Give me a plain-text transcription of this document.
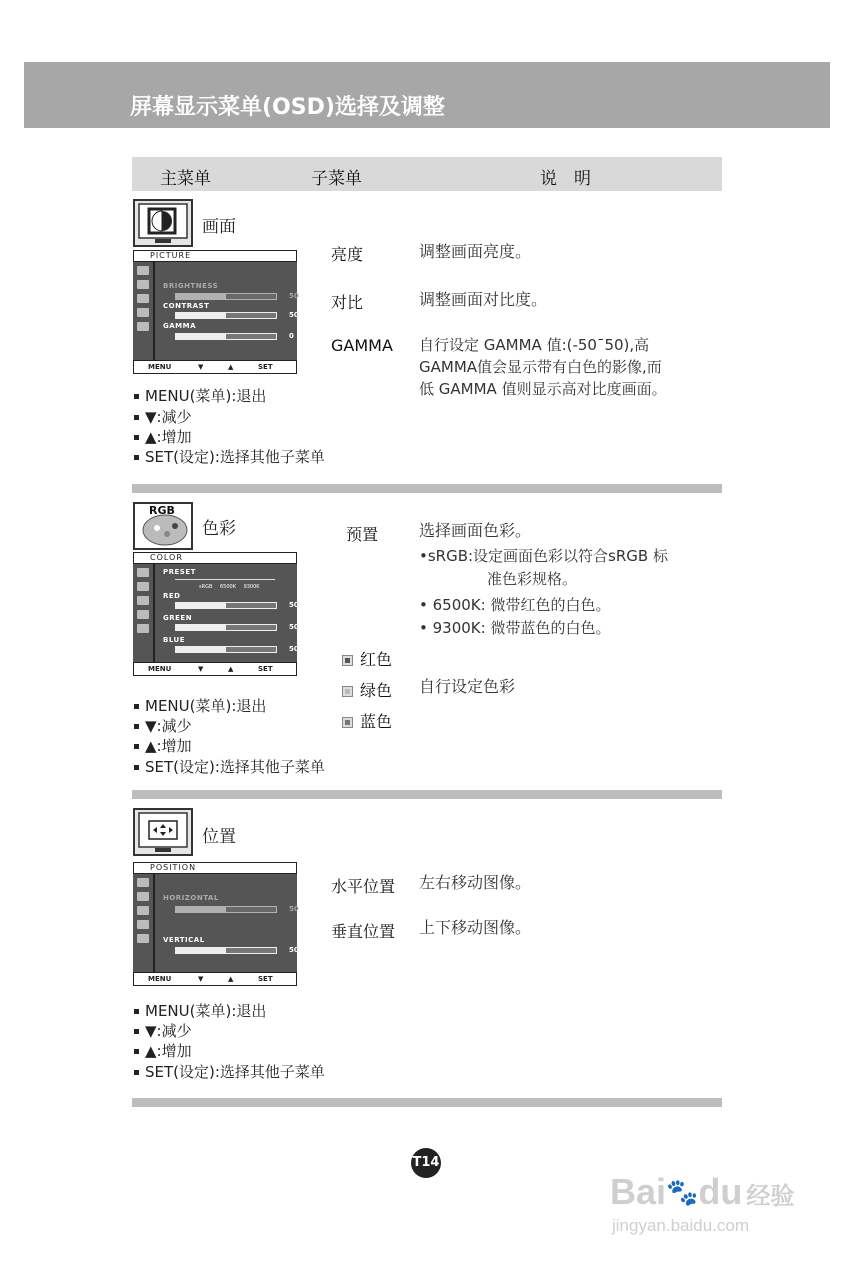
屏幕显示菜单(OSD)选择及调整
主菜单	子菜单	说　明
画面
PICTURE
BRIGHTNESS
50
CONTRAST
50
GAMMA
0
MENU	▼	▲	SET
MENU(菜单):退出
▼:减少
▲:增加
SET(设定):选择其他子菜单
亮度	调整画面亮度。
对比	调整画面对比度。
GAMMA 自行设定 GAMMA 值:(-50¯50),高
GAMMA值会显示带有白色的影像,而
低 GAMMA 值则显示高对比度画面。
RGB
色彩
COLOR
PRESET
sRGB 6500K 9300K
RED
50
GREEN
50
BLUE
50
MENU	▼	▲	SET
MENU(菜单):退出
▼:减少
▲:增加
SET(设定):选择其他子菜单
预置	选择画面色彩。
•sRGB:设定画面色彩以符合sRGB 标
准色彩规格。
• 6500K: 微带红色的白色。
• 9300K: 微带蓝色的白色。
红色
绿色 自行设定色彩
蓝色
位置
POSITION
HORIZONTAL
50
VERTICAL
50
MENU	▼	▲	SET
MENU(菜单):退出
▼:减少
▲:增加
SET(设定):选择其他子菜单
水平位置 左右移动图像。
垂直位置 上下移动图像。
T14
Bai🐾du 经验
jingyan.baidu.com
